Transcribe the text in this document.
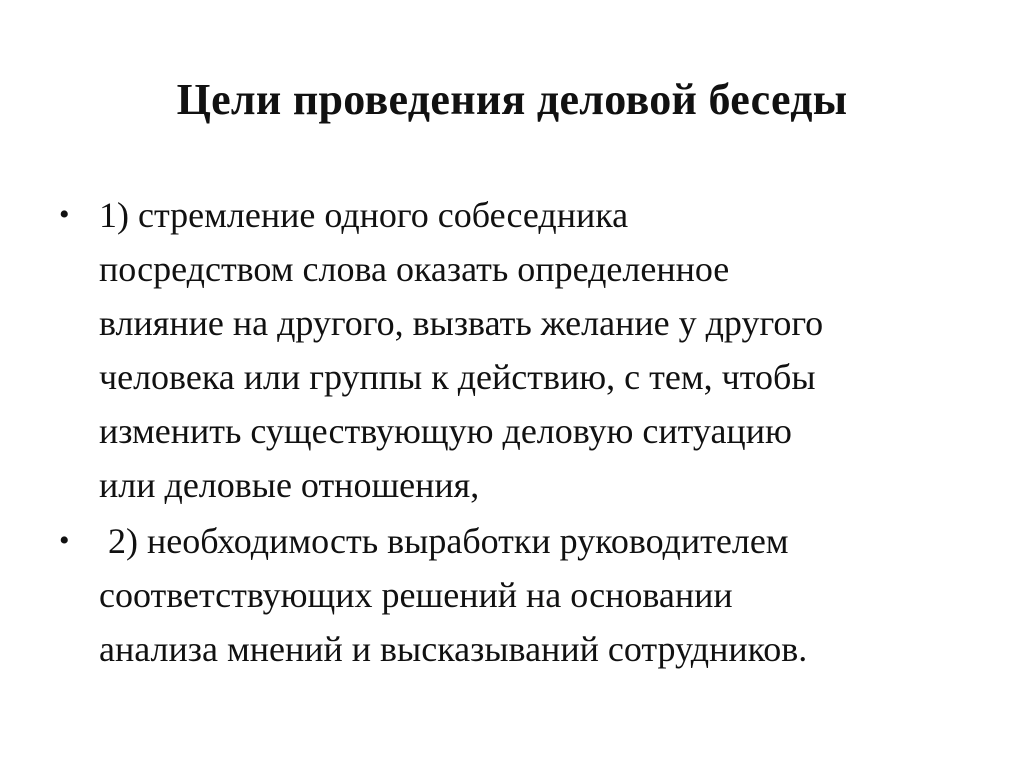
Цели проведения деловой беседы
• 1) стремление одного собеседника
посредством слова оказать определенное
влияние на другого, вызвать желание у другого
человека или группы к действию, с тем, чтобы
изменить существующую деловую ситуацию
или деловые отношения,
• 2) необходимость выработки руководителем
соответствующих решений на основании
анализа мнений и высказываний сотрудников.
